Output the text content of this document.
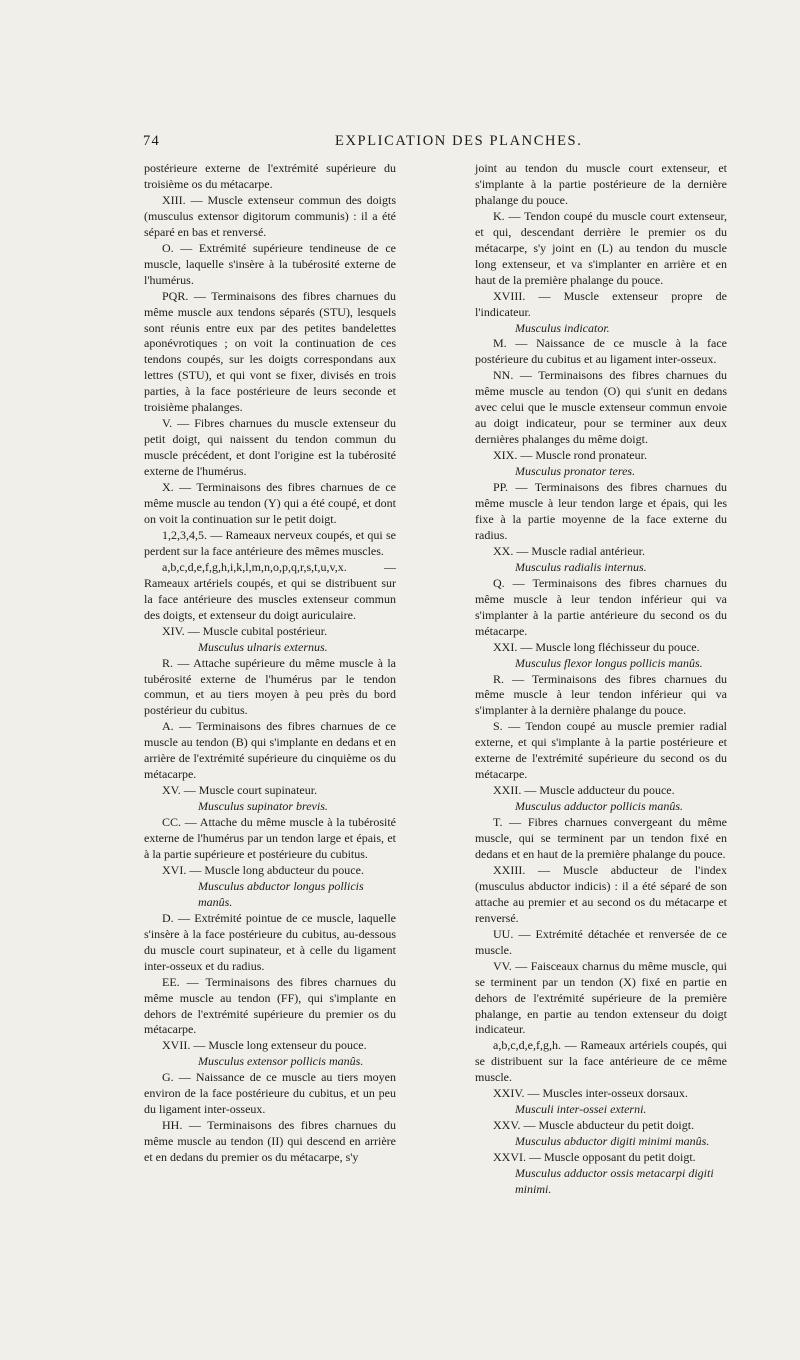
74	EXPLICATION DES PLANCHES.

postérieure externe de l'extrémité supérieure du troisième os du métacarpe.

XIII. — Muscle extenseur commun des doigts (musculus extensor digitorum communis) : il a été séparé en bas et renversé.

O. — Extrémité supérieure tendineuse de ce muscle, laquelle s'insère à la tubérosité externe de l'humérus.

PQR. — Terminaisons des fibres charnues du même muscle aux tendons séparés (STU), lesquels sont réunis entre eux par des petites bandelettes aponévrotiques ; on voit la continuation de ces tendons coupés, sur les doigts correspondans aux lettres (STU), et qui vont se fixer, divisés en trois parties, à la face postérieure de leurs seconde et troisième phalanges.

V. — Fibres charnues du muscle extenseur du petit doigt, qui naissent du tendon commun du muscle précédent, et dont l'origine est la tubérosité externe de l'humérus.

X. — Terminaisons des fibres charnues de ce même muscle au tendon (Y) qui a été coupé, et dont on voit la continuation sur le petit doigt.

1,2,3,4,5. — Rameaux nerveux coupés, et qui se perdent sur la face antérieure des mêmes muscles.

a,b,c,d,e,f,g,h,i,k,l,m,n,o,p,q,r,s,t,u,v,x. — Rameaux artériels coupés, et qui se distribuent sur la face antérieure des muscles extenseur commun des doigts, et extenseur du doigt auriculaire.

XIV. — Muscle cubital postérieur.

Musculus ulnaris externus.

R. — Attache supérieure du même muscle à la tubérosité externe de l'humérus par le tendon commun, et au tiers moyen à peu près du bord postérieur du cubitus.

A. — Terminaisons des fibres charnues de ce muscle au tendon (B) qui s'implante en dedans et en arrière de l'extrémité supérieure du cinquième os du métacarpe.

XV. — Muscle court supinateur.

Musculus supinator brevis.

CC. — Attache du même muscle à la tubérosité externe de l'humérus par un tendon large et épais, et à la partie supérieure et postérieure du cubitus.

XVI. — Muscle long abducteur du pouce.

Musculus abductor longus pollicis manûs.

D. — Extrémité pointue de ce muscle, laquelle s'insère à la face postérieure du cubitus, au-dessous du muscle court supinateur, et à celle du ligament inter-osseux et du radius.

EE. — Terminaisons des fibres charnues du même muscle au tendon (FF), qui s'implante en dehors de l'extrémité supérieure du premier os du métacarpe.

XVII. — Muscle long extenseur du pouce.

Musculus extensor pollicis manûs.

G. — Naissance de ce muscle au tiers moyen environ de la face postérieure du cubitus, et un peu du ligament inter-osseux.

HH. — Terminaisons des fibres charnues du même muscle au tendon (II) qui descend en arrière et en dedans du premier os du métacarpe, s'y

joint au tendon du muscle court extenseur, et s'implante à la partie postérieure de la dernière phalange du pouce.

K. — Tendon coupé du muscle court extenseur, et qui, descendant derrière le premier os du métacarpe, s'y joint en (L) au tendon du muscle long extenseur, et va s'implanter en arrière et en haut de la première phalange du pouce.

XVIII. — Muscle extenseur propre de l'indicateur.

Musculus indicator.

M. — Naissance de ce muscle à la face postérieure du cubitus et au ligament inter-osseux.

NN. — Terminaisons des fibres charnues du même muscle au tendon (O) qui s'unit en dedans avec celui que le muscle extenseur commun envoie au doigt indicateur, pour se terminer aux deux dernières phalanges du même doigt.

XIX. — Muscle rond pronateur.

Musculus pronator teres.

PP. — Terminaisons des fibres charnues du même muscle à leur tendon large et épais, qui les fixe à la partie moyenne de la face externe du radius.

XX. — Muscle radial antérieur.

Musculus radialis internus.

Q. — Terminaisons des fibres charnues du même muscle à leur tendon inférieur qui va s'implanter à la partie antérieure du second os du métacarpe.

XXI. — Muscle long fléchisseur du pouce.

Musculus flexor longus pollicis manûs.

R. — Terminaisons des fibres charnues du même muscle à leur tendon inférieur qui va s'implanter à la dernière phalange du pouce.

S. — Tendon coupé au muscle premier radial externe, et qui s'implante à la partie postérieure et externe de l'extrémité supérieure du second os du métacarpe.

XXII. — Muscle adducteur du pouce.

Musculus adductor pollicis manûs.

T. — Fibres charnues convergeant du même muscle, qui se terminent par un tendon fixé en dedans et en haut de la première phalange du pouce.

XXIII. — Muscle abducteur de l'index (musculus abductor indicis) : il a été séparé de son attache au premier et au second os du métacarpe et renversé.

UU. — Extrémité détachée et renversée de ce muscle.

VV. — Faisceaux charnus du même muscle, qui se terminent par un tendon (X) fixé en partie en dehors de l'extrémité supérieure de la première phalange, en partie au tendon extenseur du doigt indicateur.

a,b,c,d,e,f,g,h. — Rameaux artériels coupés, qui se distribuent sur la face antérieure de ce même muscle.

XXIV. — Muscles inter-osseux dorsaux.

Musculi inter-ossei externi.

XXV. — Muscle abducteur du petit doigt.

Musculus abductor digiti minimi manûs.

XXVI. — Muscle opposant du petit doigt.

Musculus adductor ossis metacarpi digiti minimi.
